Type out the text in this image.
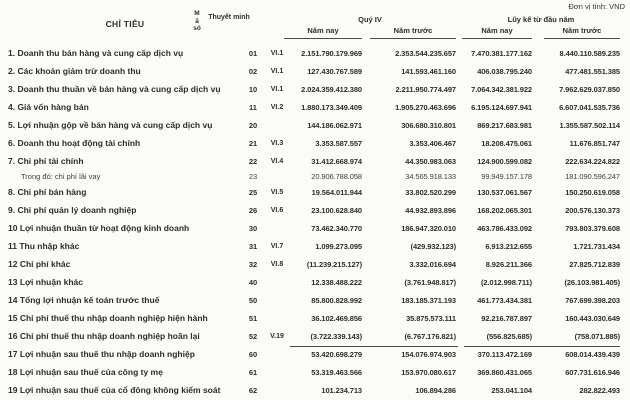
Đơn vị tính: VND
CHỈ TIÊU
M
ã
số
Thuyết minh	Quý IV	Lũy kế từ đầu năm
Năm nay	Năm trước	Năm nay	Năm trước
1. Doanh thu bán hàng và cung cấp dịch vụ	01	VI.1	2.151.790.179.969	2.353.544.235.657	7.470.381.177.162	8.440.110.589.235
2. Các khoản giảm trừ doanh thu	02	VI.1	127.430.767.589	141.593.461.160	406.038.795.240	477.481.551.385
3. Doanh thu thuần về bán hàng và cung cấp dịch vụ	10	VI.1	2.024.359.412.380	2.211.950.774.497	7.064.342.381.922	7.962.629.037.850
4. Giá vốn hàng bán	11	VI.2	1.880.173.349.409	1.905.270.463.696	6.195.124.697.941	6.607.041.535.736
5. Lợi nhuận gộp về bán hàng và cung cấp dịch vụ	20	144.186.062.971	306.680.310.801	869.217.683.981	1.355.587.502.114
6. Doanh thu hoạt động tài chính	21	VI.3	3.353.587.557	3.353.406.467	18.208.475.061	11.676.851.747
7. Chi phí tài chính	22	VI.4	31.412.668.974	44.350.983.063	124.900.599.082	222.634.224.822
Trong đó: chi phí lãi vay	23	20.906.788.058	34.565.918.133	99.949.157.178	181.090.596.247
8. Chi phí bán hàng	25	VI.5	19.564.011.944	33.802.520.299	130.537.061.567	150.250.619.058
9. Chi phí quản lý doanh nghiệp	26	VI.6	23.100.628.840	44.932.893.896	168.202.065.301	200.576.130.373
10 Lợi nhuận thuần từ hoạt động kinh doanh	30	73.462.340.770	186.947.320.010	463.786.433.092	793.803.379.608
11 Thu nhập khác	31	VI.7	1.099.273.095	(429.932.123)	6.913.212.655	1.721.731.434
12 Chi phí khác	32	VI.8	(11.239.215.127)	3.332.016.694	8.926.211.366	27.825.712.839
13 Lợi nhuận khác	40	12.338.488.222	(3.761.948.817)	(2.012.998.711)	(26.103.981.405)
14 Tổng lợi nhuận kế toán trước thuế	50	85.800.828.992	183.185.371.193	461.773.434.381	767.699.398.203
15 Chi phí thuế thu nhập doanh nghiệp hiện hành	51	36.102.469.856	35.875.573.111	92.216.787.897	160.443.030.649
16 Chi phí thuế thu nhập doanh nghiệp hoãn lại	52	V.19	(3.722.339.143)	(6.767.176.821)	(556.825.685)	(758.071.885)
17 Lợi nhuận sau thuế thu nhập doanh nghiệp	60	53.420.698.279	154.076.974.903	370.113.472.169	608.014.439.439
18 Lợi nhuận sau thuế của công ty mẹ	61	53.319.463.566	153.970.080.617	369.860.431.065	607.731.616.946
19 Lợi nhuận sau thuế của cổ đông không kiểm soát	62	101.234.713	106.894.286	253.041.104	282.822.493
